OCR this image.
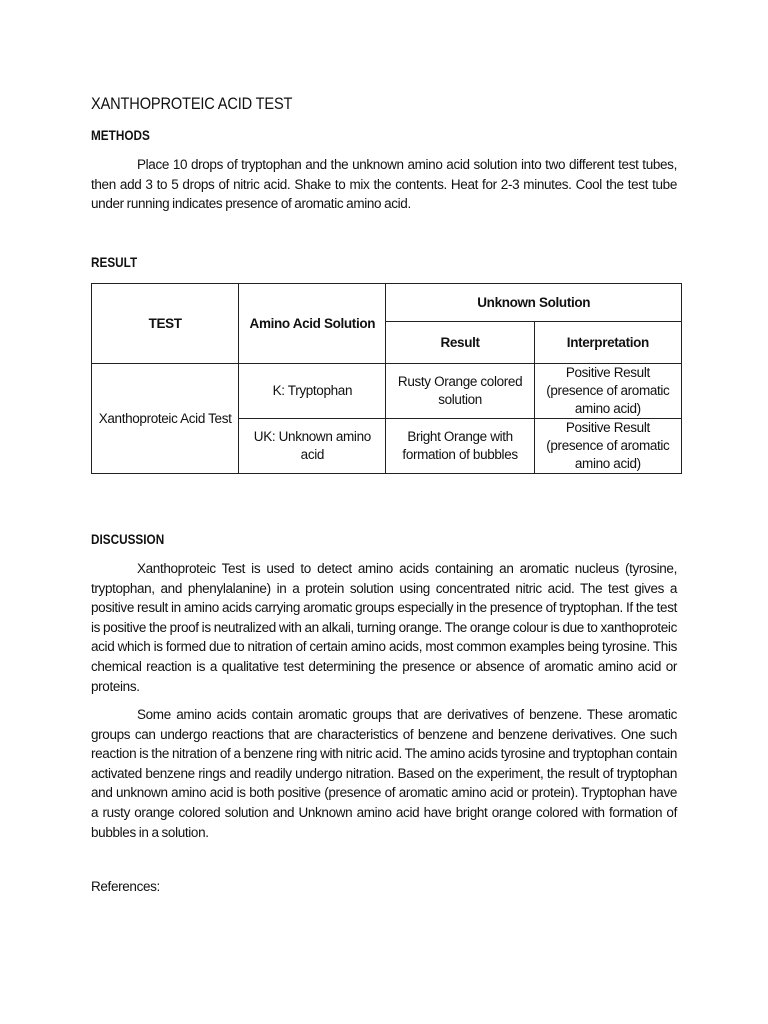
XANTHOPROTEIC ACID TEST
METHODS

Place 10 drops of tryptophan and the unknown amino acid solution into two different test tubes, then add 3 to 5 drops of nitric acid. Shake to mix the contents. Heat for 2-3 minutes. Cool the test tube under running indicates presence of aromatic amino acid.

RESULT
TEST	Amino Acid Solution	Unknown Solution	
		Result	Interpretation
Xanthoproteic Acid Test	K: Tryptophan	Rusty Orange colored solution	Positive Result (presence of aromatic amino acid)
	UK: Unknown amino acid	Bright Orange with formation of bubbles	Positive Result (presence of aromatic amino acid)
DISCUSSION

Xanthoproteic Test is used to detect amino acids containing an aromatic nucleus (tyrosine, tryptophan, and phenylalanine) in a protein solution using concentrated nitric acid. The test gives a positive result in amino acids carrying aromatic groups especially in the presence of tryptophan. If the test is positive the proof is neutralized with an alkali, turning orange. The orange colour is due to xanthoproteic acid which is formed due to nitration of certain amino acids, most common examples being tyrosine. This chemical reaction is a qualitative test determining the presence or absence of aromatic amino acid or proteins.

Some amino acids contain aromatic groups that are derivatives of benzene. These aromatic groups can undergo reactions that are characteristics of benzene and benzene derivatives. One such reaction is the nitration of a benzene ring with nitric acid. The amino acids tyrosine and tryptophan contain activated benzene rings and readily undergo nitration. Based on the experiment, the result of tryptophan and unknown amino acid is both positive (presence of aromatic amino acid or protein). Tryptophan have a rusty orange colored solution and Unknown amino acid have bright orange colored with formation of bubbles in a solution.

References:
